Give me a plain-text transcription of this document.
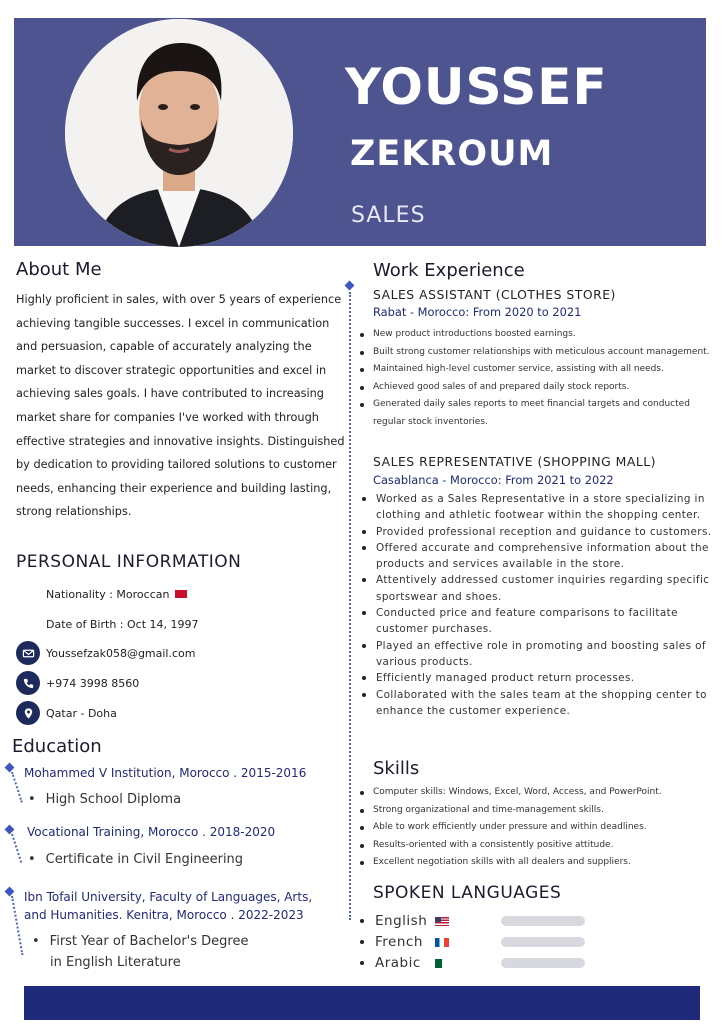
YOUSSEF
ZEKROUM
SALES
About Me
Highly proficient in sales, with over 5 years of experience achieving tangible successes. I excel in communication and persuasion, capable of accurately analyzing the market to discover strategic opportunities and excel in achieving sales goals. I have contributed to increasing market share for companies I've worked with through effective strategies and innovative insights. Distinguished by dedication to providing tailored solutions to customer needs, enhancing their experience and building lasting, strong relationships.
PERSONAL INFORMATION
Nationality : Moroccan
Date of Birth : Oct 14, 1997
Youssefzak058@gmail.com
+974 3998 8560
Qatar - Doha
Education
Mohammed V Institution, Morocco . 2015-2016
• High School Diploma
Vocational Training, Morocco . 2018-2020
• Certificate in Civil Engineering
Ibn Tofail University, Faculty of Languages, Arts,
and Humanities. Kenitra, Morocco . 2022-2023
• First Year of Bachelor's Degree
in English Literature
Work Experience
SALES ASSISTANT (CLOTHES STORE)
Rabat - Morocco: From 2020 to 2021
New product introductions boosted earnings.
Built strong customer relationships with meticulous account management.
Maintained high-level customer service, assisting with all needs.
Achieved good sales of and prepared daily stock reports.
Generated daily sales reports to meet financial targets and conducted regular stock inventories.
SALES REPRESENTATIVE (SHOPPING MALL)
Casablanca - Morocco: From 2021 to 2022
Worked as a Sales Representative in a store specializing in clothing and athletic footwear within the shopping center.
Provided professional reception and guidance to customers.
Offered accurate and comprehensive information about the products and services available in the store.
Attentively addressed customer inquiries regarding specific sportswear and shoes.
Conducted price and feature comparisons to facilitate customer purchases.
Played an effective role in promoting and boosting sales of various products.
Efficiently managed product return processes.
Collaborated with the sales team at the shopping center to enhance the customer experience.
Skills
Computer skills: Windows, Excel, Word, Access, and PowerPoint.
Strong organizational and time-management skills.
Able to work efficiently under pressure and within deadlines.
Results-oriented with a consistently positive attitude.
Excellent negotiation skills with all dealers and suppliers.
SPOKEN LANGUAGES
English
French
Arabic
